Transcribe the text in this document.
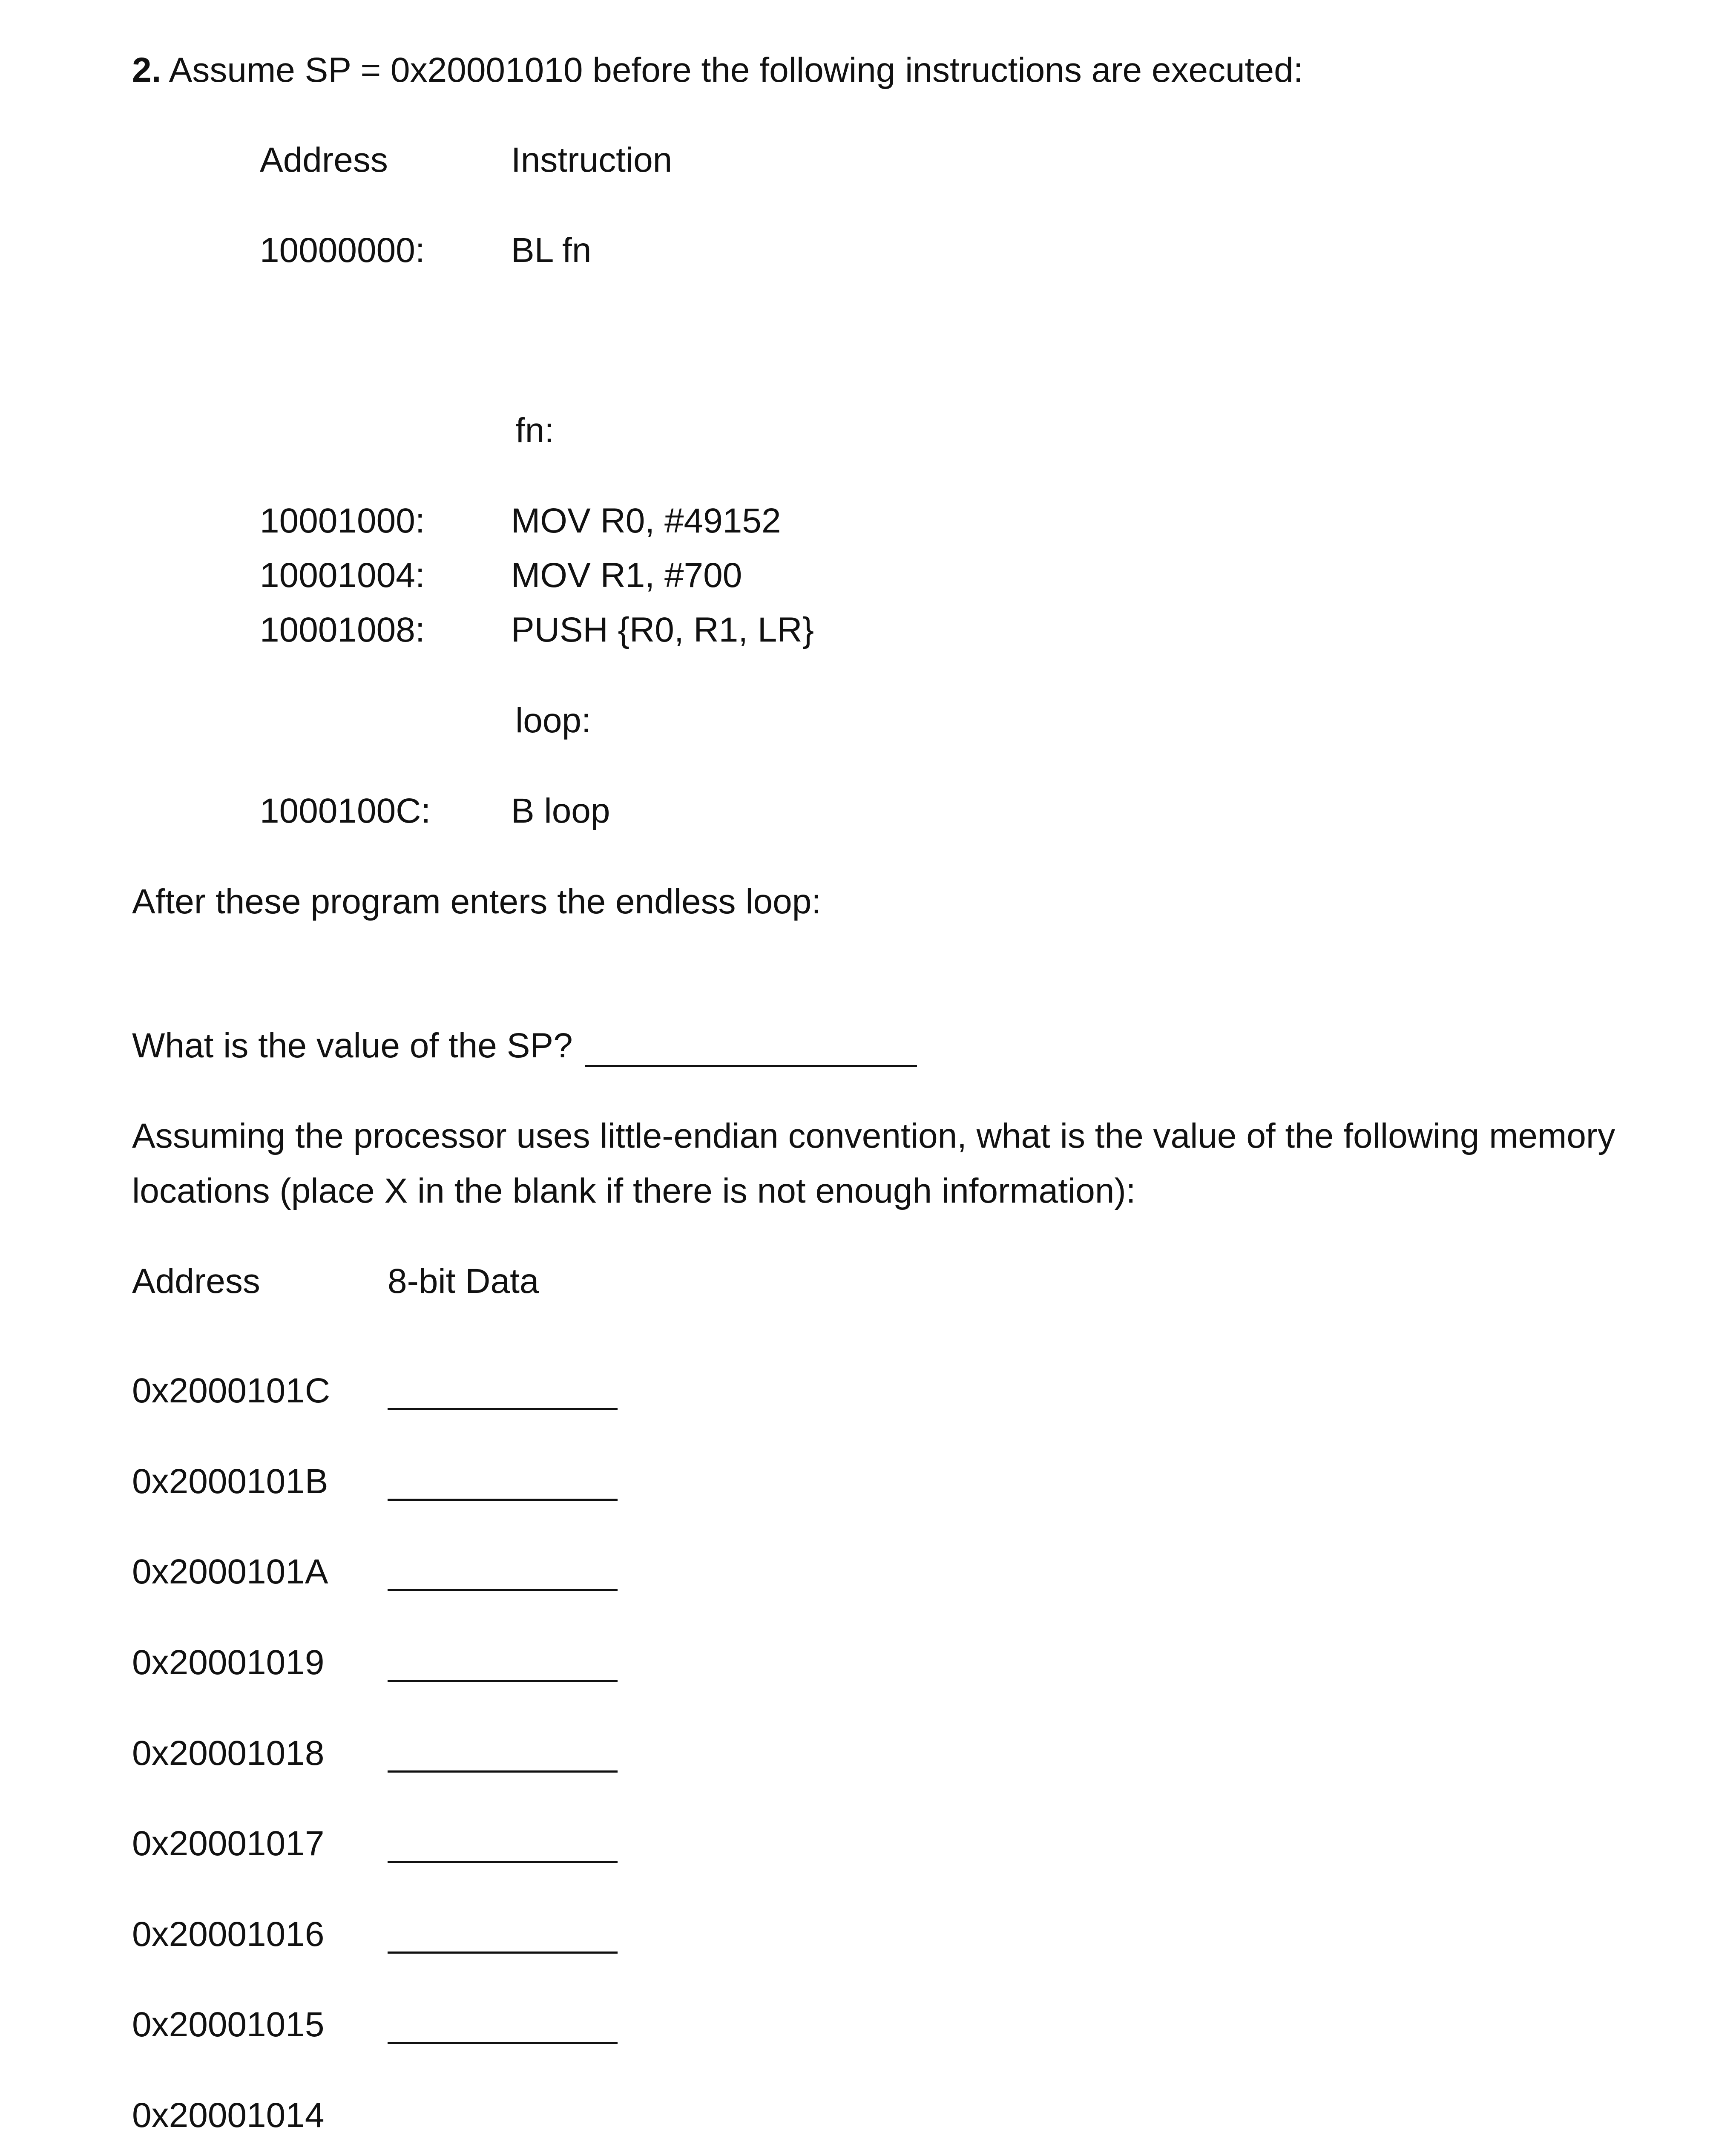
2. Assume SP = 0x20001010 before the following instructions are executed:
Address	Instruction
10000000: BL fn
fn:
10001000: MOV R0, #49152
10001004: MOV R1, #700
10001008: PUSH {R0, R1, LR}
loop:
1000100C: B loop
After these program enters the endless loop:
What is the value of the SP?
Assuming the processor uses little-endian convention, what is the value of the following memory
locations (place X in the blank if there is not enough information):
Address	8-bit Data
0x2000101C
0x2000101B
0x2000101A
0x20001019
0x20001018
0x20001017
0x20001016
0x20001015
0x20001014
